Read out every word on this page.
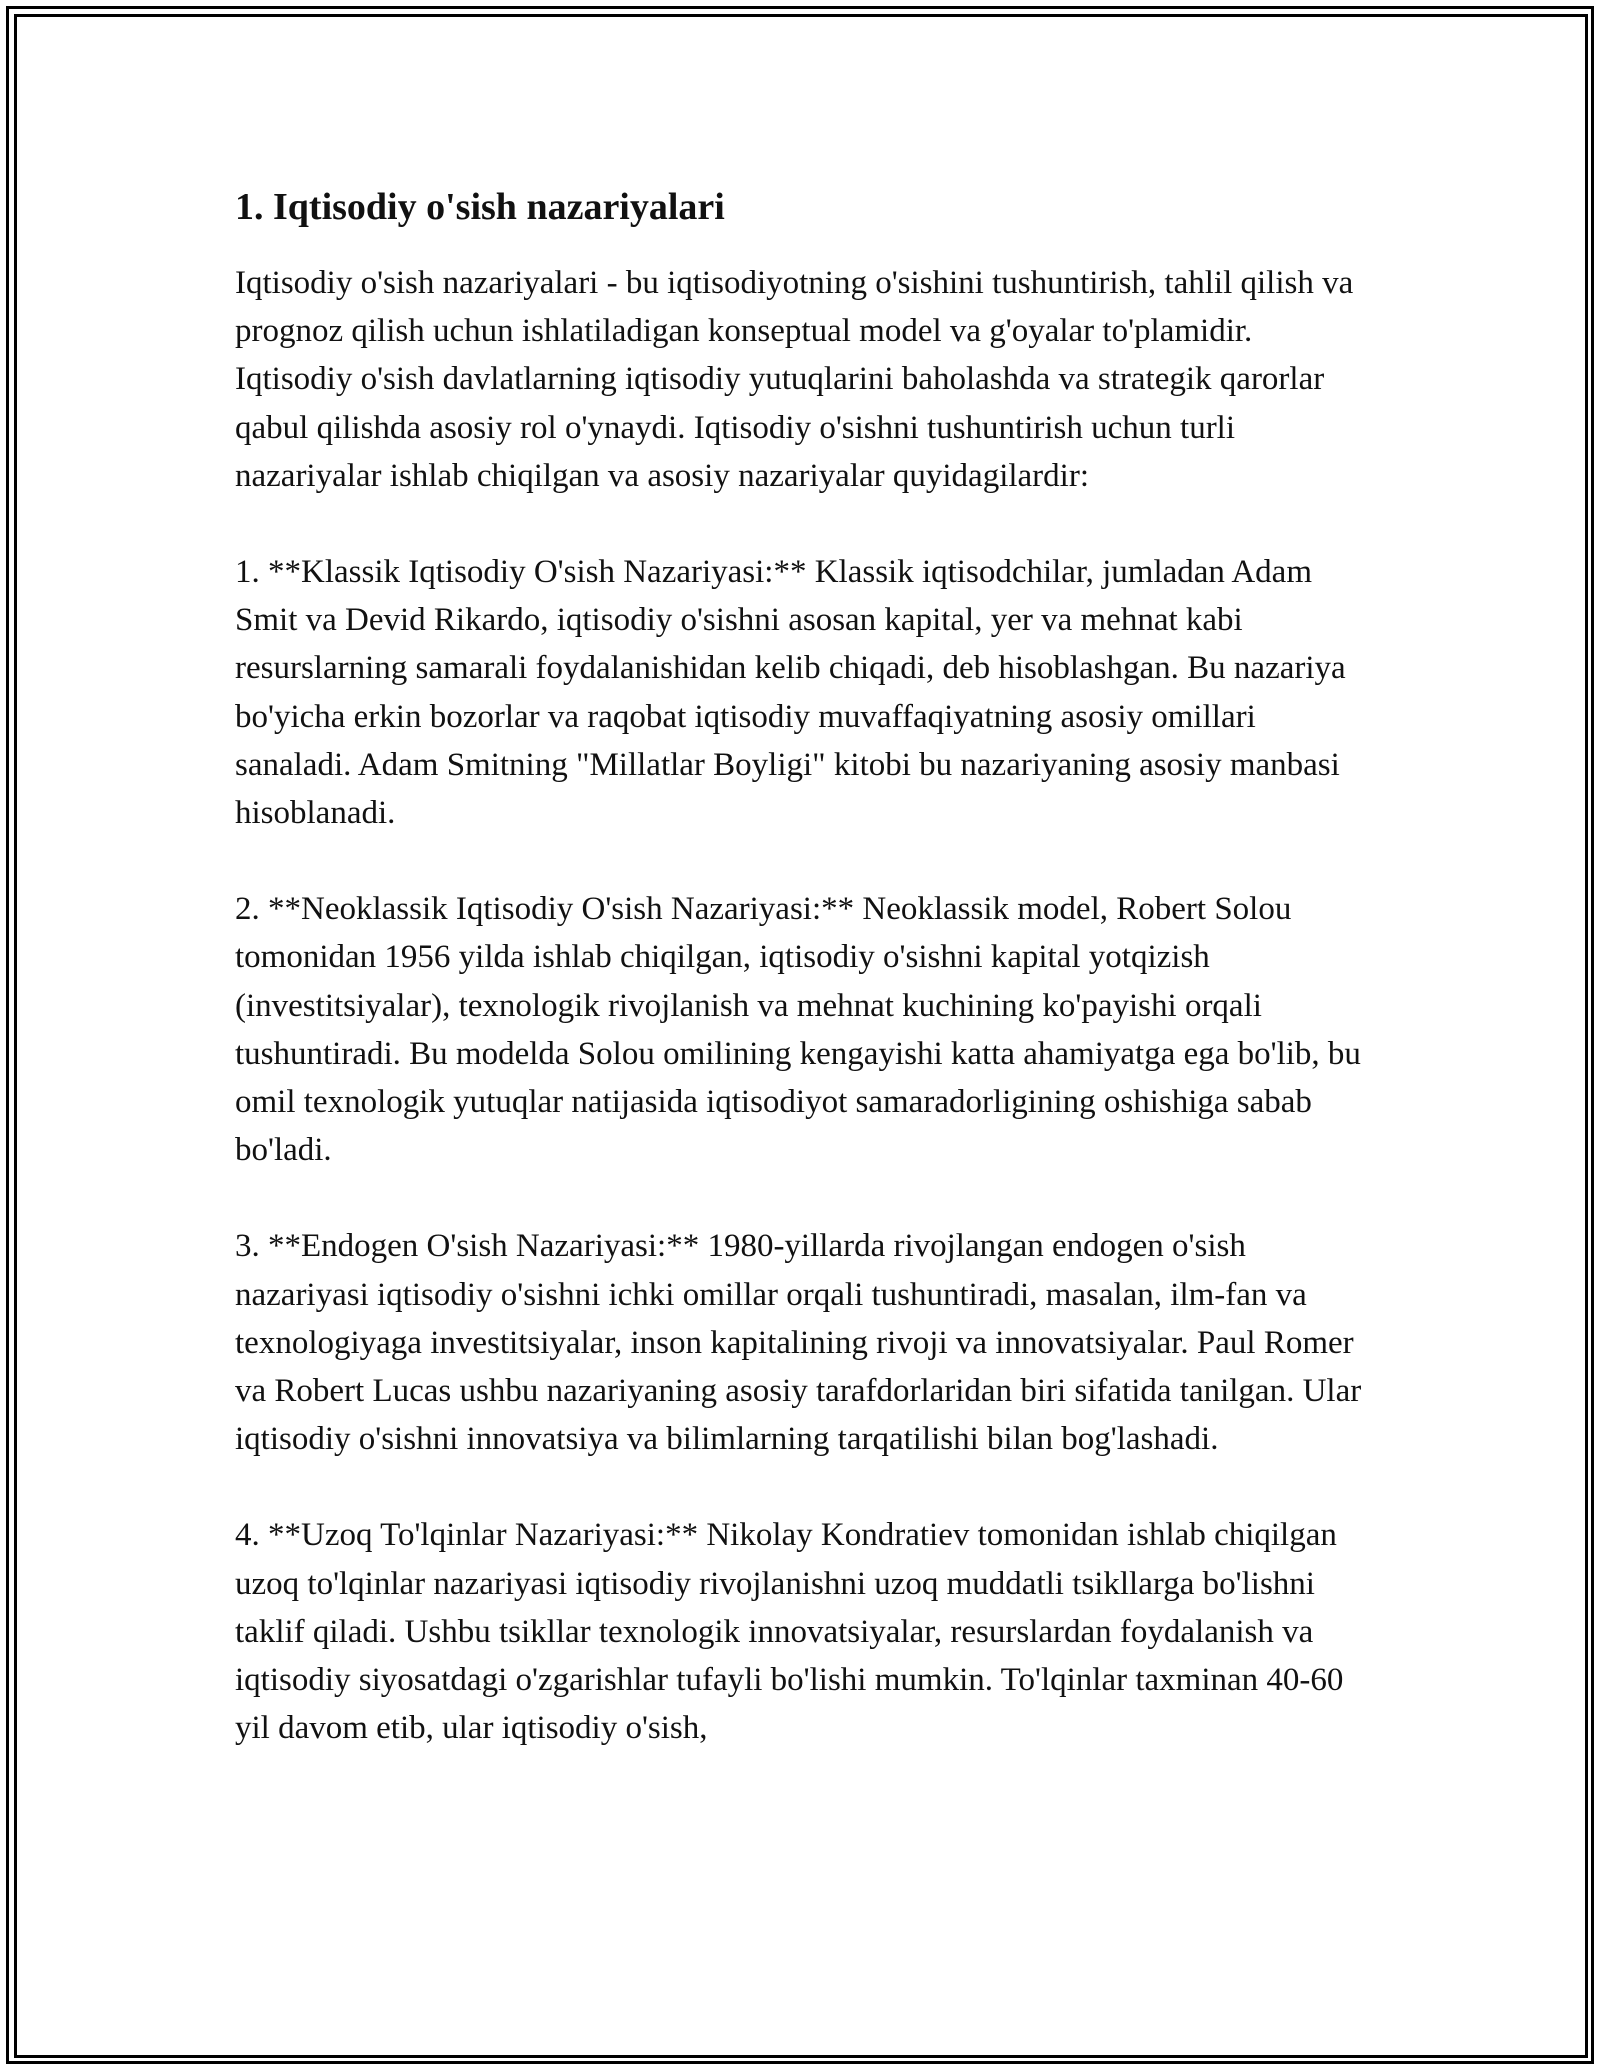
1. Iqtisodiy o'sish nazariyalari

Iqtisodiy o'sish nazariyalari - bu iqtisodiyotning o'sishini tushuntirish, tahlil qilish va prognoz qilish uchun ishlatiladigan konseptual model va g'oyalar to'plamidir. Iqtisodiy o'sish davlatlarning iqtisodiy yutuqlarini baholashda va strategik qarorlar qabul qilishda asosiy rol o'ynaydi. Iqtisodiy o'sishni tushuntirish uchun turli nazariyalar ishlab chiqilgan va asosiy nazariyalar quyidagilardir:

1. **Klassik Iqtisodiy O'sish Nazariyasi:** Klassik iqtisodchilar, jumladan Adam Smit va Devid Rikardo, iqtisodiy o'sishni asosan kapital, yer va mehnat kabi resurslarning samarali foydalanishidan kelib chiqadi, deb hisoblashgan. Bu nazariya bo'yicha erkin bozorlar va raqobat iqtisodiy muvaffaqiyatning asosiy omillari sanaladi. Adam Smitning "Millatlar Boyligi" kitobi bu nazariyaning asosiy manbasi hisoblanadi.

2. **Neoklassik Iqtisodiy O'sish Nazariyasi:** Neoklassik model, Robert Solou tomonidan 1956 yilda ishlab chiqilgan, iqtisodiy o'sishni kapital yotqizish (investitsiyalar), texnologik rivojlanish va mehnat kuchining ko'payishi orqali tushuntiradi. Bu modelda Solou omilining kengayishi katta ahamiyatga ega bo'lib, bu omil texnologik yutuqlar natijasida iqtisodiyot samaradorligining oshishiga sabab bo'ladi.

3. **Endogen O'sish Nazariyasi:** 1980-yillarda rivojlangan endogen o'sish nazariyasi iqtisodiy o'sishni ichki omillar orqali tushuntiradi, masalan, ilm-fan va texnologiyaga investitsiyalar, inson kapitalining rivoji va innovatsiyalar. Paul Romer va Robert Lucas ushbu nazariyaning asosiy tarafdorlaridan biri sifatida tanilgan. Ular iqtisodiy o'sishni innovatsiya va bilimlarning tarqatilishi bilan bog'lashadi.

4. **Uzoq To'lqinlar Nazariyasi:** Nikolay Kondratiev tomonidan ishlab chiqilgan uzoq to'lqinlar nazariyasi iqtisodiy rivojlanishni uzoq muddatli tsikllarga bo'lishni taklif qiladi. Ushbu tsikllar texnologik innovatsiyalar, resurslardan foydalanish va iqtisodiy siyosatdagi o'zgarishlar tufayli bo'lishi mumkin. To'lqinlar taxminan 40-60 yil davom etib, ular iqtisodiy o'sish,
